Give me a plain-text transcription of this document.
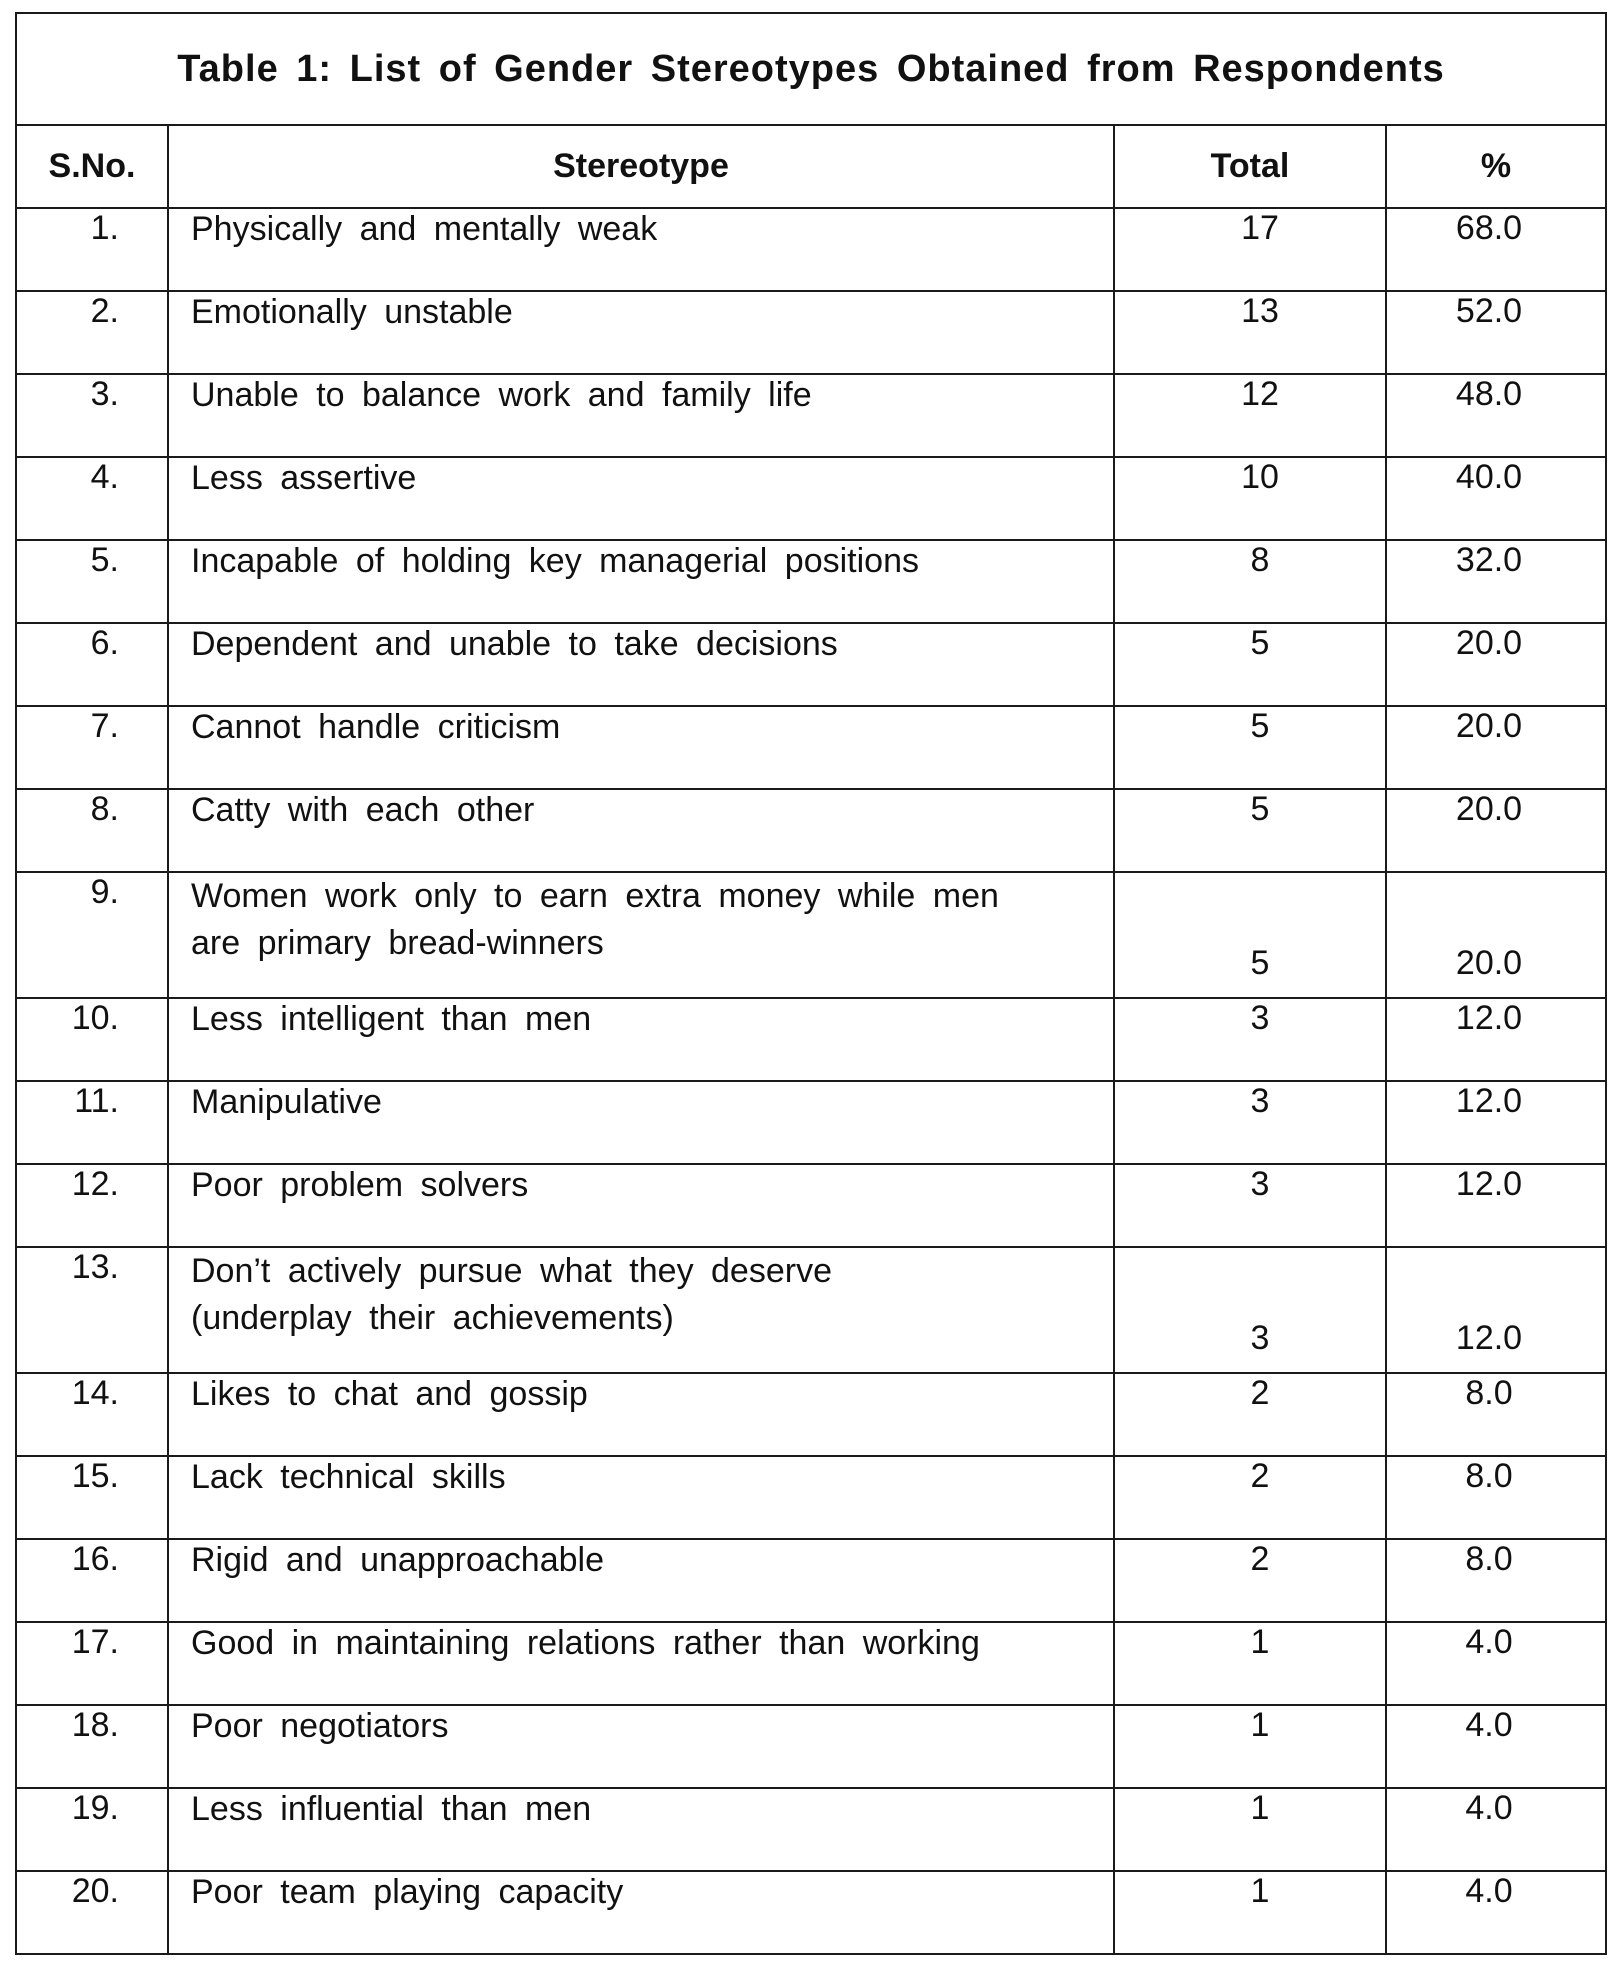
Table 1: List of Gender Stereotypes Obtained from Respondents			
S.No.	Stereotype	Total	%
1.	Physically and mentally weak	17	68.0
2.	Emotionally unstable	13	52.0
3.	Unable to balance work and family life	12	48.0
4.	Less assertive	10	40.0
5.	Incapable of holding key managerial positions	8	32.0
6.	Dependent and unable to take decisions	5	20.0
7.	Cannot handle criticism	5	20.0
8.	Catty with each other	5	20.0
9.	Women work only to earn extra money while men
are primary bread-winners	5	20.0
10.	Less intelligent than men	3	12.0
11.	Manipulative	3	12.0
12.	Poor problem solvers	3	12.0
13.	Don’t actively pursue what they deserve
(underplay their achievements)	3	12.0
14.	Likes to chat and gossip	2	8.0
15.	Lack technical skills	2	8.0
16.	Rigid and unapproachable	2	8.0
17.	Good in maintaining relations rather than working	1	4.0
18.	Poor negotiators	1	4.0
19.	Less influential than men	1	4.0
20.	Poor team playing capacity	1	4.0
